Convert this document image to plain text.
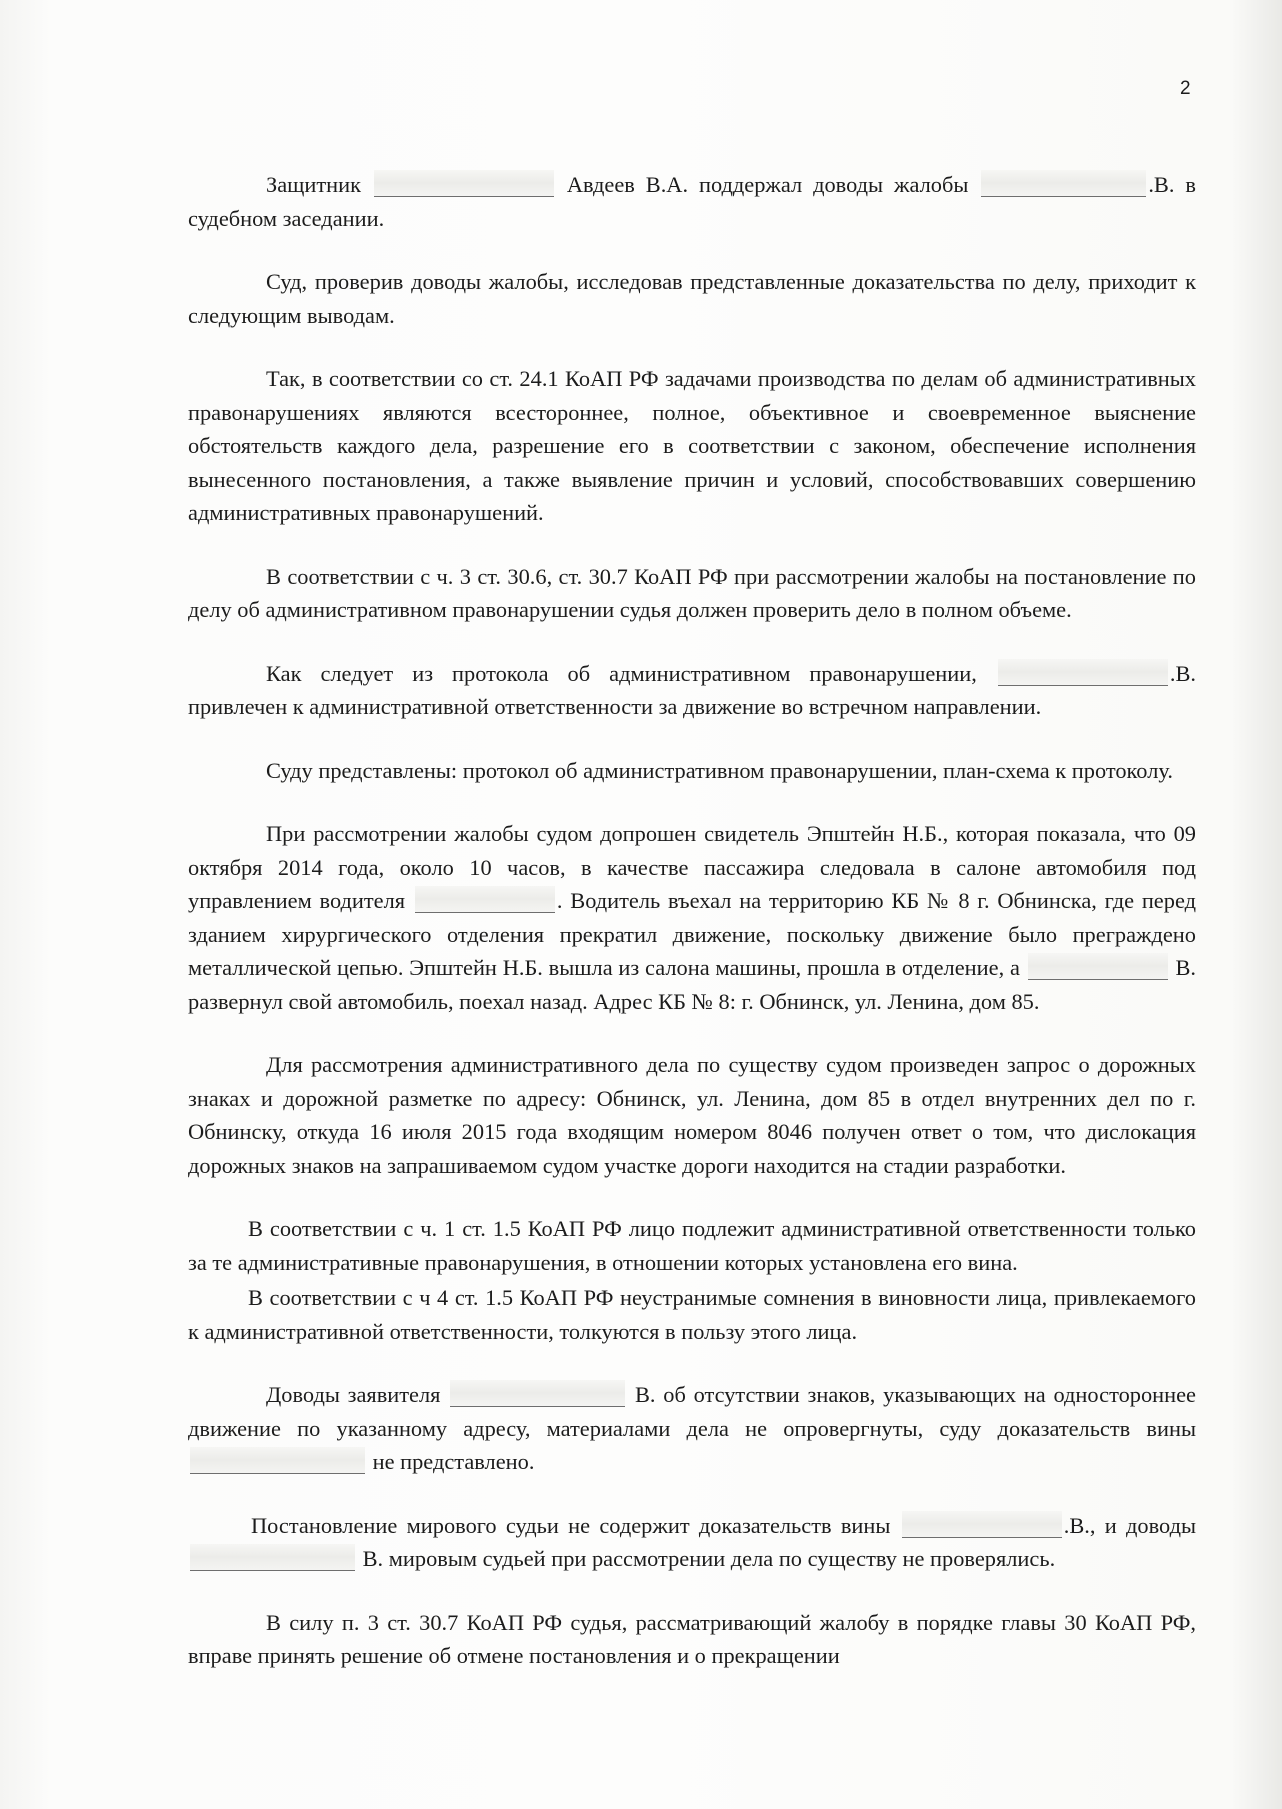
2

Защитник	Авдеев В.А. поддержал доводы жалобы	.В. в судебном заседании.

Суд, проверив доводы жалобы, исследовав представленные доказательства по делу, приходит к следующим выводам.

Так, в соответствии со ст. 24.1 КоАП РФ задачами производства по делам об административных правонарушениях являются всестороннее, полное, объективное и своевременное выяснение обстоятельств каждого дела, разрешение его в соответствии с законом, обеспечение исполнения вынесенного постановления, а также выявление причин и условий, способствовавших совершению административных правонарушений.

В соответствии с ч. 3 ст. 30.6, ст. 30.7 КоАП РФ при рассмотрении жалобы на постановление по делу об административном правонарушении судья должен проверить дело в полном объеме.

Как следует из протокола об административном правонарушении,	.В. привлечен к административной ответственности за движение во встречном направлении.

Суду представлены: протокол об административном правонарушении, план-схема к протоколу.

При рассмотрении жалобы судом допрошен свидетель Эпштейн Н.Б., которая показала, что 09 октября 2014 года, около 10 часов, в качестве пассажира следовала в салоне автомобиля под управлением водителя	. Водитель въехал на территорию КБ № 8 г. Обнинска, где перед зданием хирургического отделения прекратил движение, поскольку движение было преграждено металлической цепью. Эпштейн Н.Б. вышла из салона машины, прошла в отделение, а	В. развернул свой автомобиль, поехал назад. Адрес КБ № 8: г. Обнинск, ул. Ленина, дом 85.

Для рассмотрения административного дела по существу судом произведен запрос о дорожных знаках и дорожной разметке по адресу: Обнинск, ул. Ленина, дом 85 в отдел внутренних дел по г. Обнинску, откуда 16 июля 2015 года входящим номером 8046 получен ответ о том, что дислокация дорожных знаков на запрашиваемом судом участке дороги находится на стадии разработки.

В соответствии с ч. 1 ст. 1.5 КоАП РФ лицо подлежит административной ответственности только за те административные правонарушения, в отношении которых установлена его вина.

В соответствии с ч 4 ст. 1.5 КоАП РФ неустранимые сомнения в виновности лица, привлекаемого к административной ответственности, толкуются в пользу этого лица.

Доводы заявителя	В. об отсутствии знаков, указывающих на одностороннее движение по указанному адресу, материалами дела не опровергнуты, суду доказательств вины  не представлено.

Постановление мирового судьи не содержит доказательств вины	.В., и доводы  В. мировым судьей при рассмотрении дела по существу не проверялись.

В силу п. 3 ст. 30.7 КоАП РФ судья, рассматривающий жалобу в порядке главы 30 КоАП РФ, вправе принять решение об отмене постановления и о прекращении
